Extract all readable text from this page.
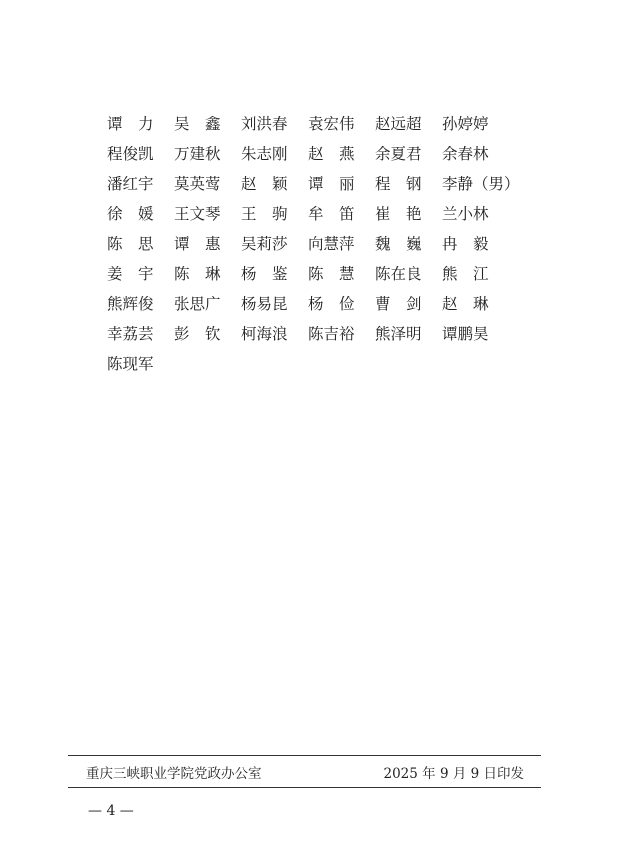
谭　力	吴　鑫	刘洪春	袁宏伟	赵远超	孙婷婷
程俊凯	万建秋	朱志刚	赵　燕	余夏君	余春林
潘红宇	莫英莺	赵　颖	谭　丽	程　钢	李静（男）
徐　媛	王文琴	王　驹	牟　笛	崔　艳	兰小林
陈　思	谭　惠	吴莉莎	向慧萍	魏　巍	冉　毅
姜　宇	陈　琳	杨　鉴	陈　慧	陈在良	熊　江
熊辉俊	张思广	杨易昆	杨　俭	曹　剑	赵　琳
幸荔芸	彭　钦	柯海浪	陈吉裕	熊泽明	谭鹏昊
陈现军
重庆三峡职业学院党政办公室	2025 年 9 月 9 日印发
— 4 —
